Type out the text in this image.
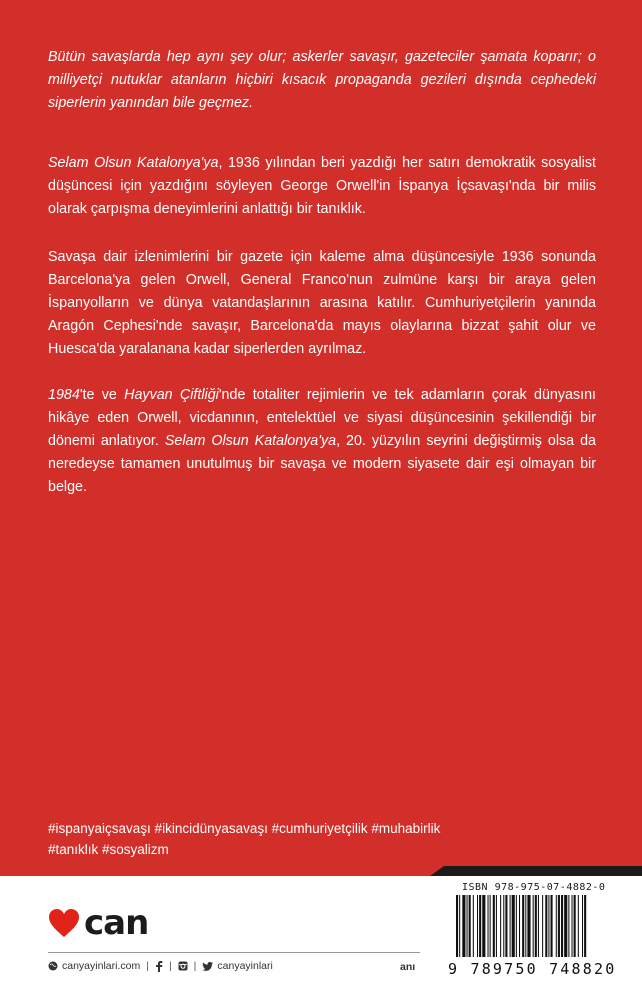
Bütün savaşlarda hep aynı şey olur; askerler savaşır, gazeteciler şamata koparır; o milliyetçi nutuklar atanların hiçbiri kısacık propaganda gezileri dışında cephedeki siperlerin yanından bile geçmez.

Selam Olsun Katalonya'ya, 1936 yılından beri yazdığı her satırı demokratik sosyalist düşüncesi için yazdığını söyleyen George Orwell'in İspanya İçsavaşı'nda bir milis olarak çarpışma deneyimlerini anlattığı bir tanıklık.

Savaşa dair izlenimlerini bir gazete için kaleme alma düşüncesiyle 1936 sonunda Barcelona'ya gelen Orwell, General Franco'nun zulmüne karşı bir araya gelen İspanyolların ve dünya vatandaşlarının arasına katılır. Cumhuriyetçilerin yanında Aragón Cephesi'nde savaşır, Barcelona'da mayıs olaylarına bizzat şahit olur ve Huesca'da yaralanana kadar siperlerden ayrılmaz.

1984'te ve Hayvan Çiftliği'nde totaliter rejimlerin ve tek adamların çorak dünyasını hikâye eden Orwell, vicdanının, entelektüel ve siyasi düşüncesinin şekillendiği bir dönemi anlatıyor. Selam Olsun Katalonya'ya, 20. yüzyılın seyrini değiştirmiş olsa da neredeyse tamamen unutulmuş bir savaşa ve modern siyasete dair eşi olmayan bir belge.

#ispanyaiçsavaşı #ikincidünyasavaşı #cumhuriyetçilik #muhabirlik
#tanıklık #sosyalizm
can
canyayinlari.com | | | canyayinlari	anı
ISBN 978-975-07-4882-0
9 789750 748820
